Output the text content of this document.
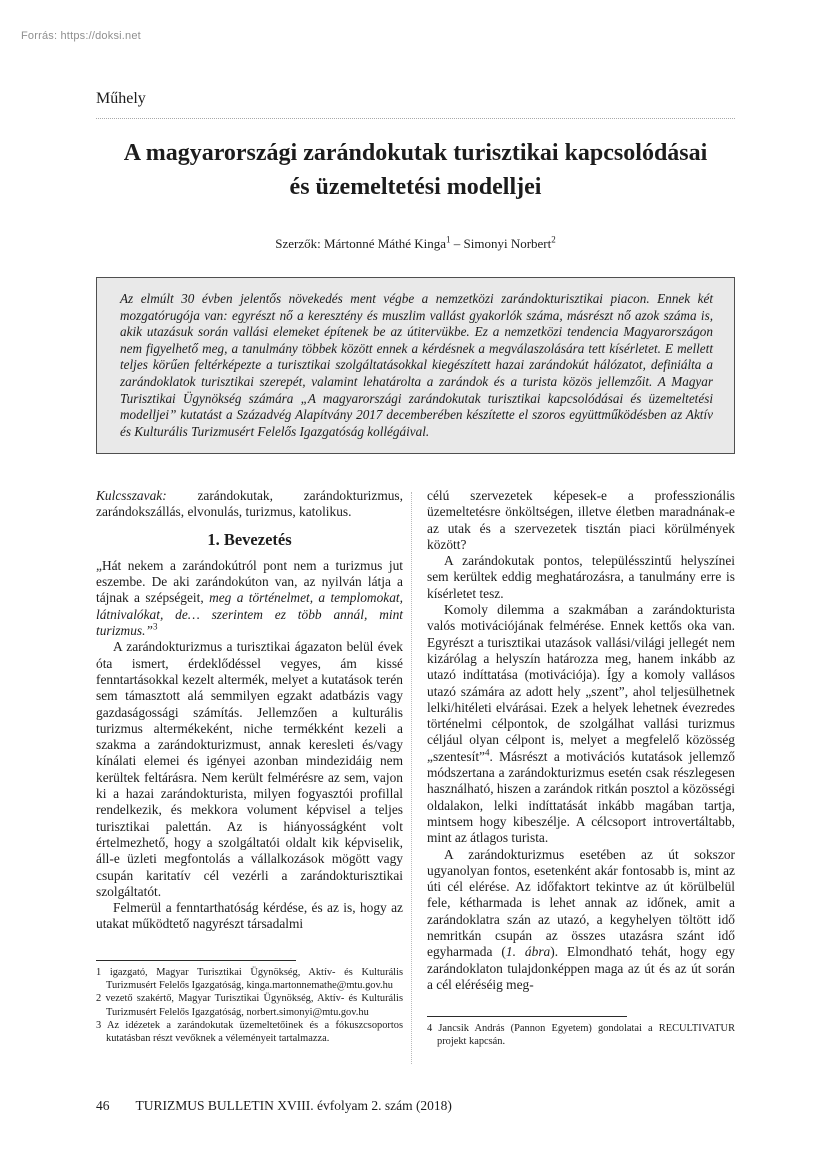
Forrás: https://doksi.net
Műhely
A magyarországi zarándokutak turisztikai kapcsolódásai
és üzemeltetési modelljei
Szerzők: Mártonné Máthé Kinga$^1$ – Simonyi Norbert$^2$
Az elmúlt 30 évben jelentős növekedés ment végbe a nemzetközi zarándokturisztikai piacon. Ennek két mozgatórugója van: egyrészt nő a keresztény és muszlim vallást gyakorlók száma, másrészt nő azok száma is, akik utazásuk során vallási elemeket építenek be az útitervükbe. Ez a nemzetközi tendencia Magyarországon nem figyelhető meg, a tanulmány többek között ennek a kérdésnek a megválaszolására tett kísérletet. E mellett teljes körűen feltérképezte a turisztikai szolgáltatásokkal kiegészített hazai zarándokút hálózatot, definiálta a zarándoklatok turisztikai szerepét, valamint lehatárolta a zarándok és a turista közös jellemzőit. A Magyar Turisztikai Ügynökség számára „A magyarországi zarándokutak turisztikai kapcsolódásai és üzemeltetési modelljei” kutatást a Századvég Alapítvány 2017 decemberében készítette el szoros együttműködésben az Aktív és Kulturális Turizmusért Felelős Igazgatóság kollégáival.

Kulcsszavak: zarándokutak, zarándokturizmus, zarándokszállás, elvonulás, turizmus, katolikus.

1. Bevezetés

„Hát nekem a zarándokútról pont nem a turizmus jut eszembe. De aki zarándokúton van, az nyilván látja a tájnak a szépségeit, meg a történelmet, a templomokat, látnivalókat, de… szerintem ez több annál, mint turizmus.”$^3$

A zarándokturizmus a turisztikai ágazaton belül évek óta ismert, érdeklődéssel vegyes, ám kissé fenntartásokkal kezelt altermék, melyet a kutatások terén sem támasztott alá semmilyen egzakt adatbázis vagy gazdaságossági számítás. Jellemzően a kulturális turizmus altermékeként, niche termékként kezeli a szakma a zarándokturizmust, annak keresleti és/vagy kínálati elemei és igényei azonban mindezidáig nem kerültek feltárásra. Nem került felmérésre az sem, vajon ki a hazai zarándokturista, milyen fogyasztói profillal rendelkezik, és mekkora volument képvisel a teljes turisztikai palettán. Az is hiányosságként volt értelmezhető, hogy a szolgáltatói oldalt kik képviselik, áll-e üzleti megfontolás a vállalkozások mögött vagy csupán karitatív cél vezérli a zarándokturisztikai szolgáltatót.

Felmerül a fenntarthatóság kérdése, és az is, hogy az utakat működtető nagyrészt társadalmi

célú szervezetek képesek-e a professzionális üzemeltetésre önköltségen, illetve életben maradnának-e az utak és a szervezetek tisztán piaci körülmények között?

A zarándokutak pontos, településszintű helyszínei sem kerültek eddig meghatározásra, a tanulmány erre is kísérletet tesz.

Komoly dilemma a szakmában a zarándokturista valós motivációjának felmérése. Ennek kettős oka van. Egyrészt a turisztikai utazások vallási/világi jellegét nem kizárólag a helyszín határozza meg, hanem inkább az utazó indíttatása (motivációja). Így a komoly vallásos utazó számára az adott hely „szent”, ahol teljesülhetnek lelki/hitéleti elvárásai. Ezek a helyek lehetnek évezredes történelmi célpontok, de szolgálhat vallási turizmus céljául olyan célpont is, melyet a megfelelő közösség „szentesít”$^4$. Másrészt a motivációs kutatások jellemző módszertana a zarándokturizmus esetén csak részlegesen használható, hiszen a zarándok ritkán posztol a közösségi oldalakon, lelki indíttatását inkább magában tartja, mintsem hogy kibeszélje. A célcsoport introvertáltabb, mint az átlagos turista.

A zarándokturizmus esetében az út sokszor ugyanolyan fontos, esetenként akár fontosabb is, mint az úti cél elérése. Az időfaktort tekintve az út körülbelül fele, kétharmada is lehet annak az időnek, amit a zarándoklatra szán az utazó, a kegyhelyen töltött idő nemritkán csupán az összes utazásra szánt idő egyharmada (1. ábra). Elmondható tehát, hogy egy zarándoklaton tulajdonképpen maga az út és az út során a cél eléréséig meg-

1 igazgató, Magyar Turisztikai Ügynökség, Aktív- és Kulturális Turizmusért Felelős Igazgatóság, kinga.martonnemathe@mtu.gov.hu

2 vezető szakértő, Magyar Turisztikai Ügynökség, Aktív- és Kulturális Turizmusért Felelős Igazgatóság, norbert.simonyi@mtu.gov.hu

3 Az idézetek a zarándokutak üzemeltetőinek és a fókuszcsoportos kutatásban részt vevőknek a véleményeit tartalmazza.

4 Jancsik András (Pannon Egyetem) gondolatai a RECULTIVATUR projekt kapcsán.

46 TURIZMUS BULLETIN XVIII. évfolyam 2. szám (2018)
